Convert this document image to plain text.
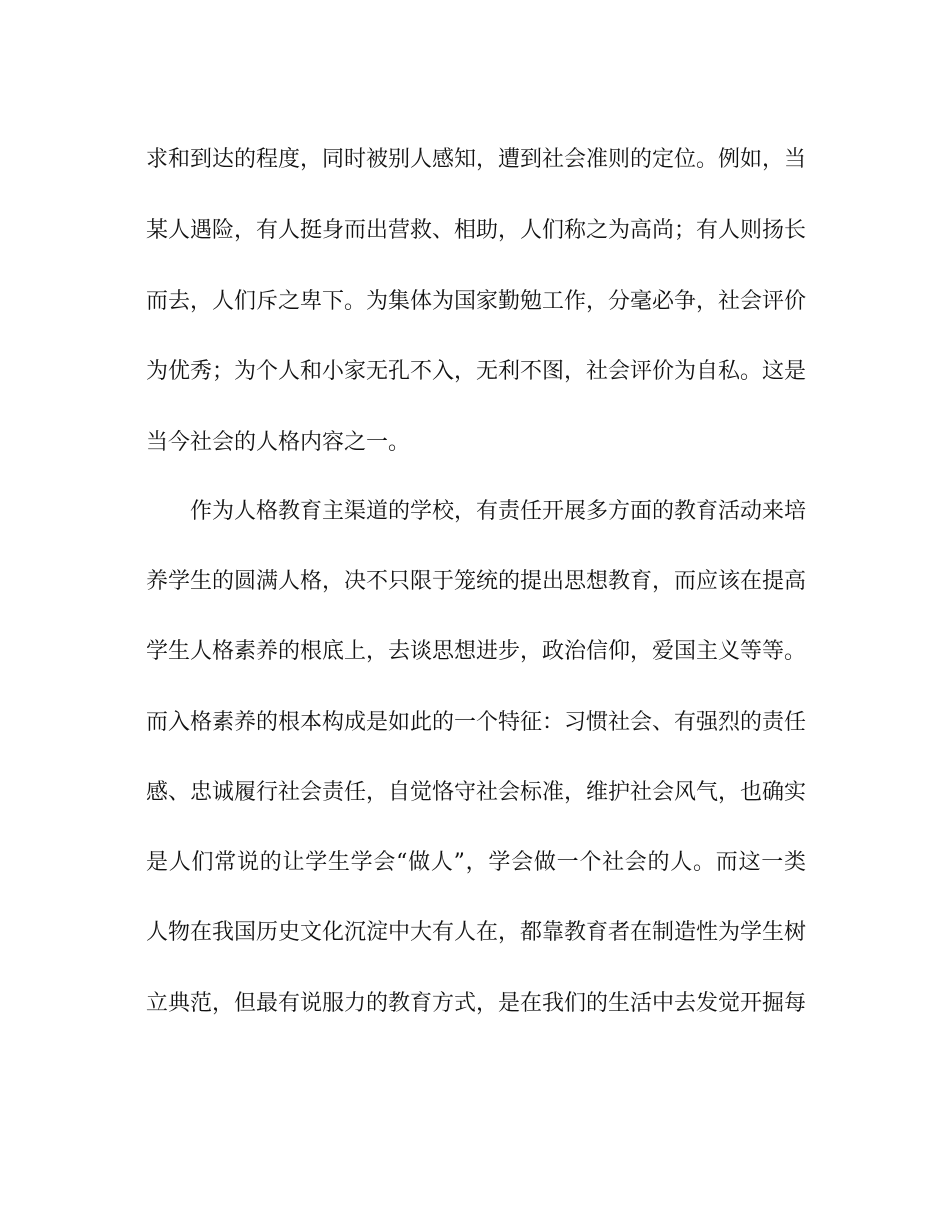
求和到达的程度，同时被别人感知，遭到社会准则的定位。例如，当
某人遇险，有人挺身而出营救、相助，人们称之为高尚；有人则扬长
而去，人们斥之卑下。为集体为国家勤勉工作，分毫必争，社会评价
为优秀；为个人和小家无孔不入，无利不图，社会评价为自私。这是
当今社会的人格内容之一。
作为人格教育主渠道的学校，有责任开展多方面的教育活动来培
养学生的圆满人格，决不只限于笼统的提出思想教育，而应该在提高
学生人格素养的根底上，去谈思想进步，政治信仰，爱国主义等等。
而入格素养的根本构成是如此的一个特征：习惯社会、有强烈的责任
感、忠诚履行社会责任，自觉恪守社会标准，维护社会风气，也确实
是人们常说的让学生学会“做人”，学会做一个社会的人。而这一类
人物在我国历史文化沉淀中大有人在，都靠教育者在制造性为学生树
立典范，但最有说服力的教育方式，是在我们的生活中去发觉开掘每
